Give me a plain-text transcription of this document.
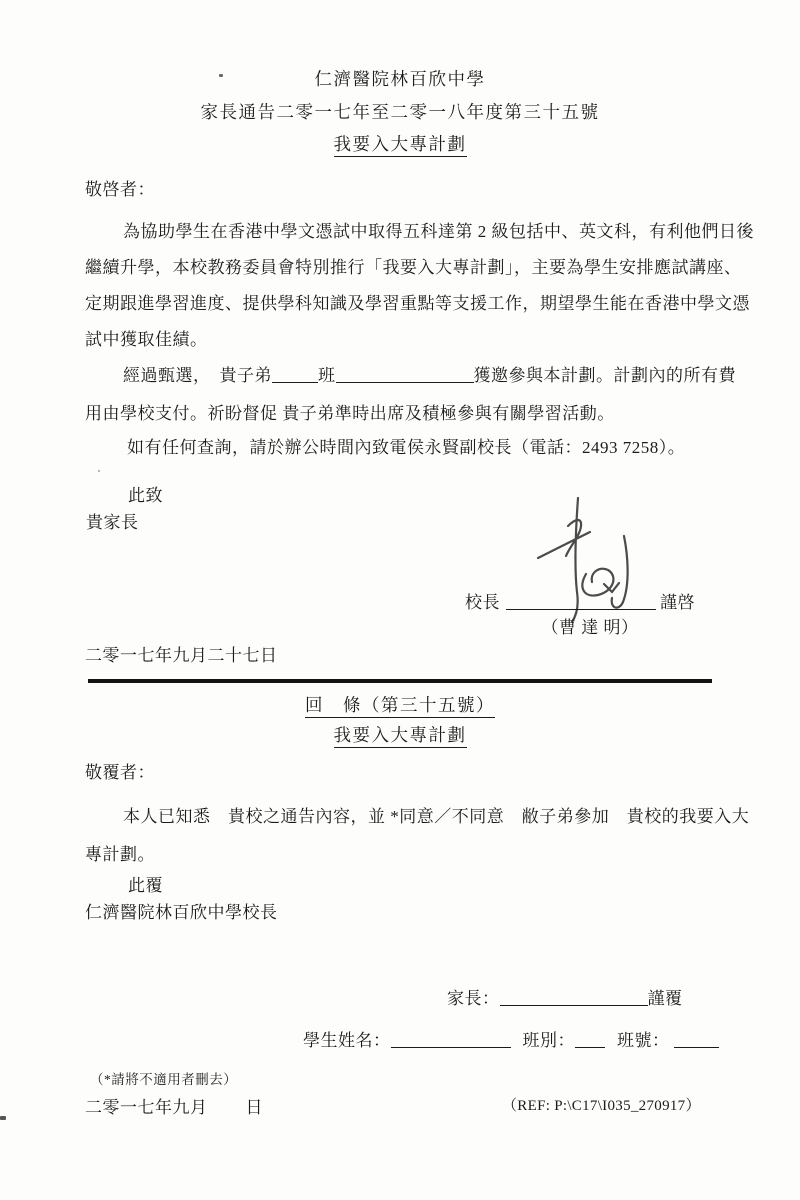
仁濟醫院林百欣中學
家長通告二零一七年至二零一八年度第三十五號
我要入大專計劃
敬啓者：
為協助學生在香港中學文憑試中取得五科達第 2 級包括中、英文科，有利他們日後
繼續升學，本校教務委員會特別推行「我要入大專計劃」，主要為學生安排應試講座、
定期跟進學習進度、提供學科知識及學習重點等支援工作，期望學生能在香港中學文憑
試中獲取佳績。
經過甄選，　貴子弟	班	獲邀參與本計劃。計劃內的所有費
用由學校支付。祈盼督促 貴子弟準時出席及積極參與有關學習活動。
如有任何查詢，請於辦公時間內致電侯永賢副校長（電話：2493 7258）。
此致
貴家長
校長	謹啓
（曹 達 明）
二零一七年九月二十七日
回　條（第三十五號）
我要入大專計劃
敬覆者：
本人已知悉　貴校之通告內容，並 *同意／不同意　敝子弟參加　貴校的我要入大
專計劃。
此覆
仁濟醫院林百欣中學校長
家長：	謹覆
學生姓名：	班別： 班號：
（*請將不適用者刪去）
二零一七年九月 日	（REF: P:\C17\I035_270917）
